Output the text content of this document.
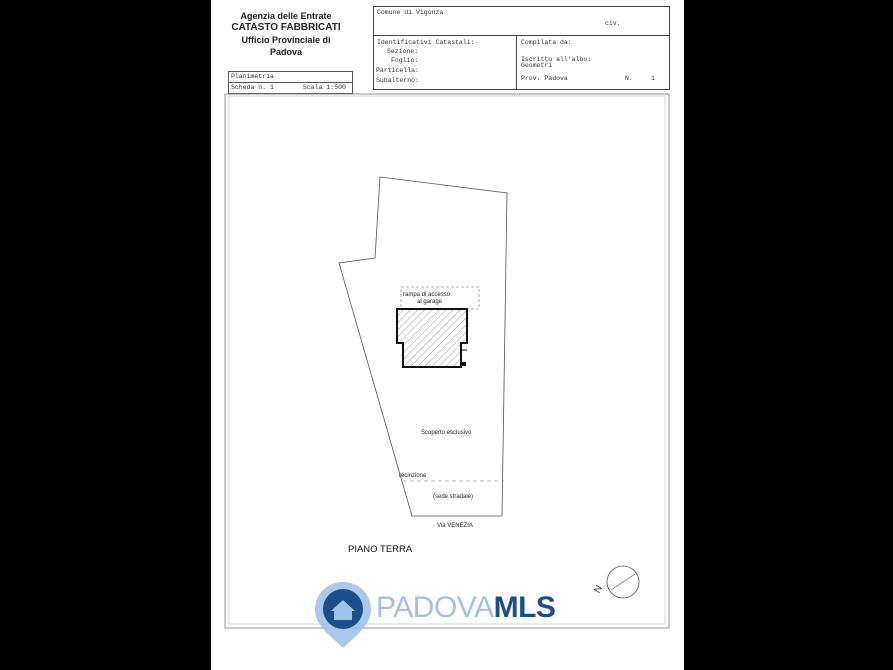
Agenzia delle Entrate
CATASTO FABBRICATI
Ufficio Provinciale di
Padova
Comune di Vigonza
civ.
Identificativi Catastali:
Sezione:
Foglio:
Particella:
Subalterno:
Compilata da:
Iscritto all'albo:
Geometri
Prov. Padova	N.	1
Planimetria
Scheda n. 1	Scala 1:500
rampa di accesso
al garage
Scoperto esclusivo
recinzione
(sede stradale)
Via VENEZIA
PIANO TERRA
N
PADOVAMLS
